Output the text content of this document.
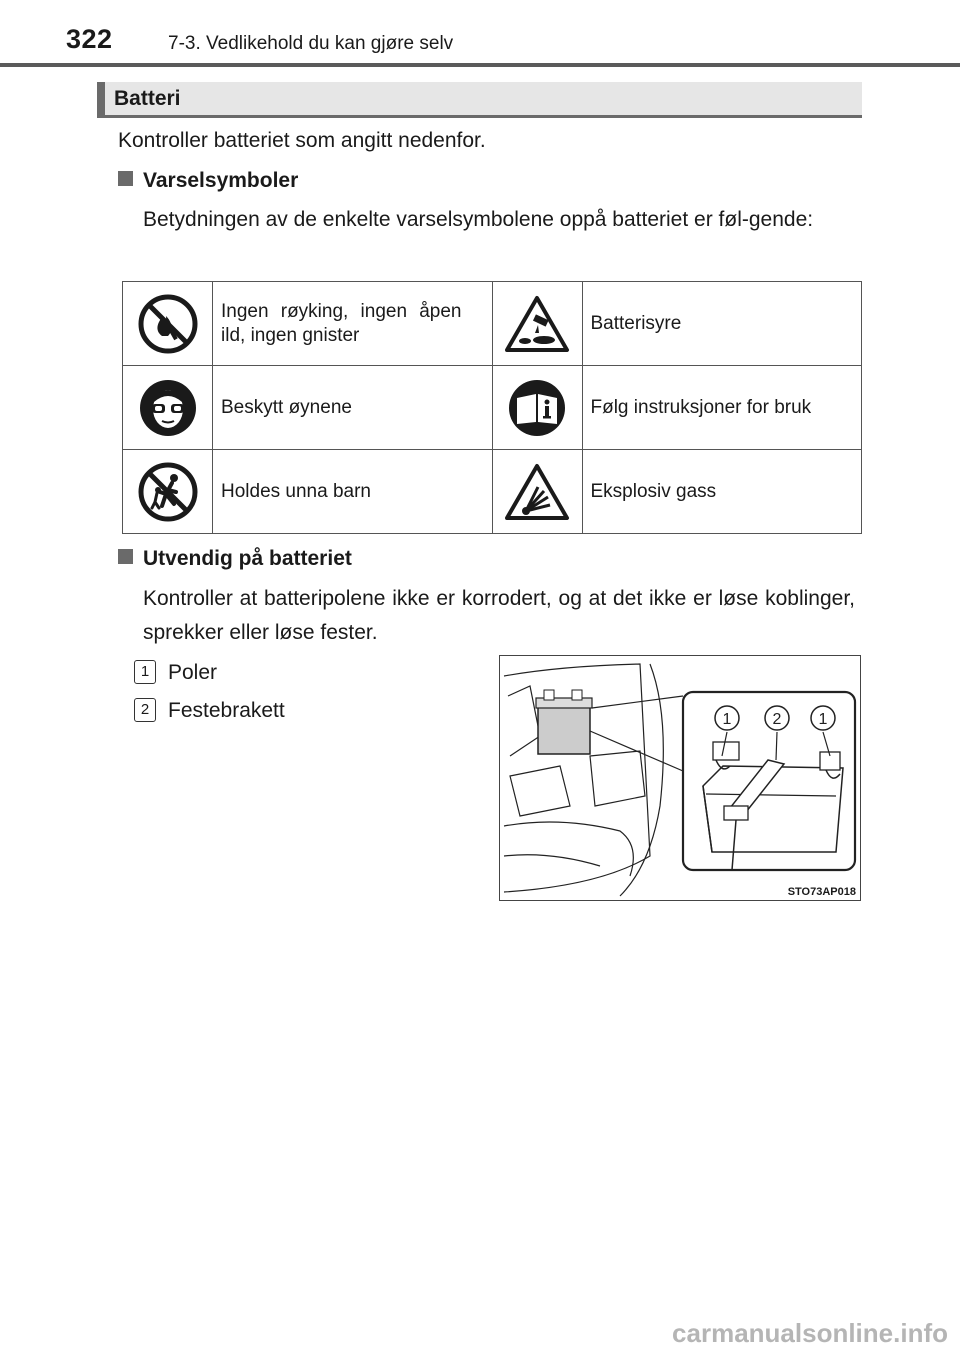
322	7-3. Vedlikehold du kan gjøre selv
Batteri
Kontroller batteriet som angitt nedenfor.
Varselsymboler
Betydningen av de enkelte varselsymbolene oppå batteriet er føl-gende:
	Ingen røyking, ingen åpen ild, ingen gnister		Batterisyre

	Beskytt øynene		Følg instruksjoner for bruk

	Holdes unna barn		Eksplosiv gass
Utvendig på batteriet
Kontroller at batteripolene ikke er korrodert, og at det ikke er løse koblinger, sprekker eller løse fester.
1 Poler
2 Festebrakett	1	2 1
STO73AP018
carmanualsonline.info
